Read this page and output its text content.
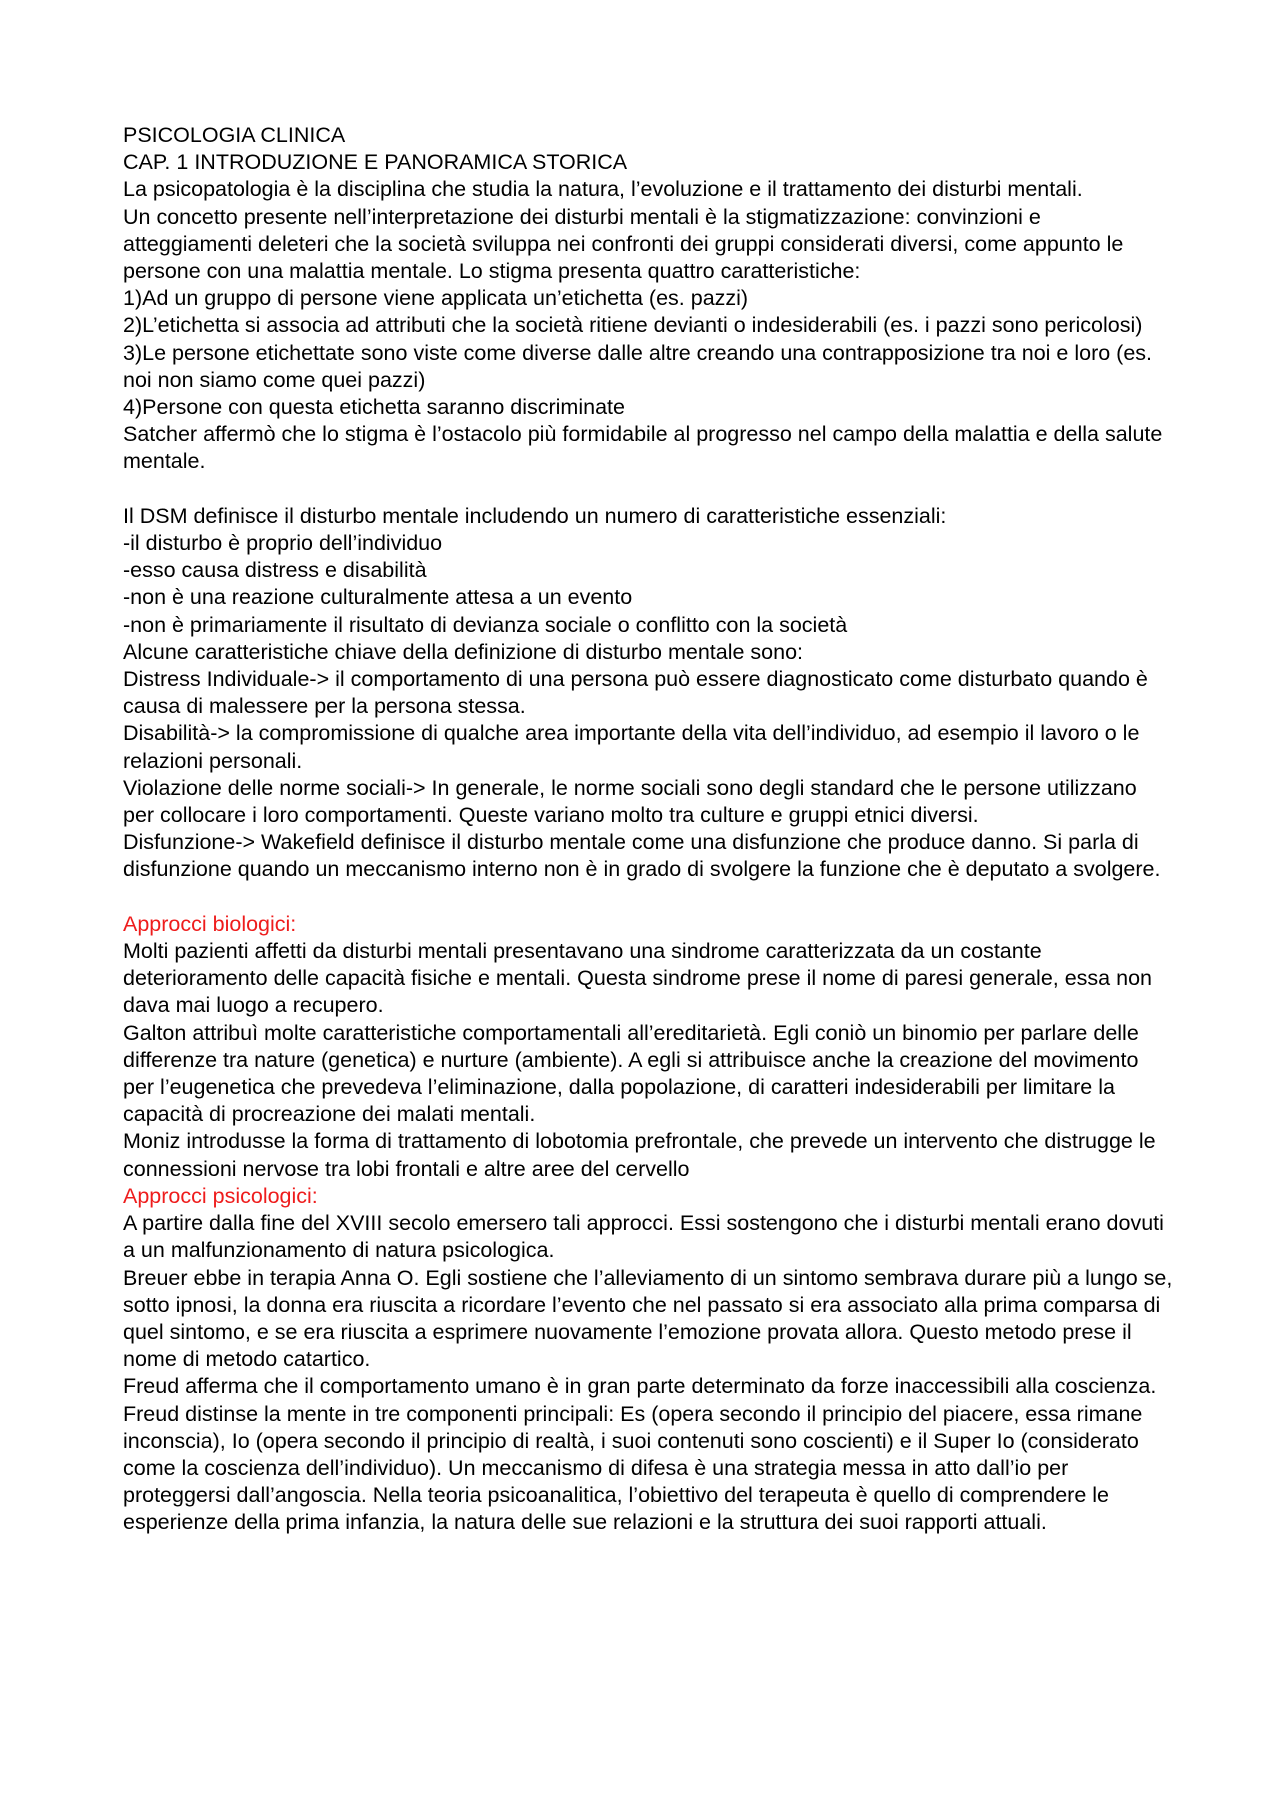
PSICOLOGIA CLINICA

CAP. 1 INTRODUZIONE E PANORAMICA STORICA

La psicopatologia è la disciplina che studia la natura, l’evoluzione e il trattamento dei disturbi mentali.

Un concetto presente nell’interpretazione dei disturbi mentali è la stigmatizzazione: convinzioni e atteggiamenti deleteri che la società sviluppa nei confronti dei gruppi considerati diversi, come appunto le persone con una malattia mentale. Lo stigma presenta quattro caratteristiche:

1)Ad un gruppo di persone viene applicata un’etichetta (es. pazzi)

2)L’etichetta si associa ad attributi che la società ritiene devianti o indesiderabili (es. i pazzi sono pericolosi)

3)Le persone etichettate sono viste come diverse dalle altre creando una contrapposizione tra noi e loro (es. noi non siamo come quei pazzi)

4)Persone con questa etichetta saranno discriminate

Satcher affermò che lo stigma è l’ostacolo più formidabile al progresso nel campo della malattia e della salute mentale.

Il DSM definisce il disturbo mentale includendo un numero di caratteristiche essenziali:

-il disturbo è proprio dell’individuo

-esso causa distress e disabilità

-non è una reazione culturalmente attesa a un evento

-non è primariamente il risultato di devianza sociale o conflitto con la società

Alcune caratteristiche chiave della definizione di disturbo mentale sono:

Distress Individuale-> il comportamento di una persona può essere diagnosticato come disturbato quando è causa di malessere per la persona stessa.

Disabilità-> la compromissione di qualche area importante della vita dell’individuo, ad esempio il lavoro o le relazioni personali.

Violazione delle norme sociali-> In generale, le norme sociali sono degli standard che le persone utilizzano per collocare i loro comportamenti. Queste variano molto tra culture e gruppi etnici diversi.

Disfunzione-> Wakefield definisce il disturbo mentale come una disfunzione che produce danno. Si parla di disfunzione quando un meccanismo interno non è in grado di svolgere la funzione che è deputato a svolgere.

Approcci biologici:

Molti pazienti affetti da disturbi mentali presentavano una sindrome caratterizzata da un costante deterioramento delle capacità fisiche e mentali. Questa sindrome prese il nome di paresi generale, essa non dava mai luogo a recupero.

Galton attribuì molte caratteristiche comportamentali all’ereditarietà. Egli coniò un binomio per parlare delle differenze tra nature (genetica) e nurture (ambiente). A egli si attribuisce anche la creazione del movimento per l’eugenetica che prevedeva l’eliminazione, dalla popolazione, di caratteri indesiderabili per limitare la capacità di procreazione dei malati mentali.

Moniz introdusse la forma di trattamento di lobotomia prefrontale, che prevede un intervento che distrugge le connessioni nervose tra lobi frontali e altre aree del cervello

Approcci psicologici:

A partire dalla fine del XVIII secolo emersero tali approcci. Essi sostengono che i disturbi mentali erano dovuti a un malfunzionamento di natura psicologica.

Breuer ebbe in terapia Anna O. Egli sostiene che l’alleviamento di un sintomo sembrava durare più a lungo se, sotto ipnosi, la donna era riuscita a ricordare l’evento che nel passato si era associato alla prima comparsa di quel sintomo, e se era riuscita a esprimere nuovamente l’emozione provata allora. Questo metodo prese il nome di metodo catartico.

Freud afferma che il comportamento umano è in gran parte determinato da forze inaccessibili alla coscienza. Freud distinse la mente in tre componenti principali: Es (opera secondo il principio del piacere, essa rimane inconscia), Io (opera secondo il principio di realtà, i suoi contenuti sono coscienti) e il Super Io (considerato come la coscienza dell’individuo). Un meccanismo di difesa è una strategia messa in atto dall’io per proteggersi dall’angoscia. Nella teoria psicoanalitica, l’obiettivo del terapeuta è quello di comprendere le esperienze della prima infanzia, la natura delle sue relazioni e la struttura dei suoi rapporti attuali.
